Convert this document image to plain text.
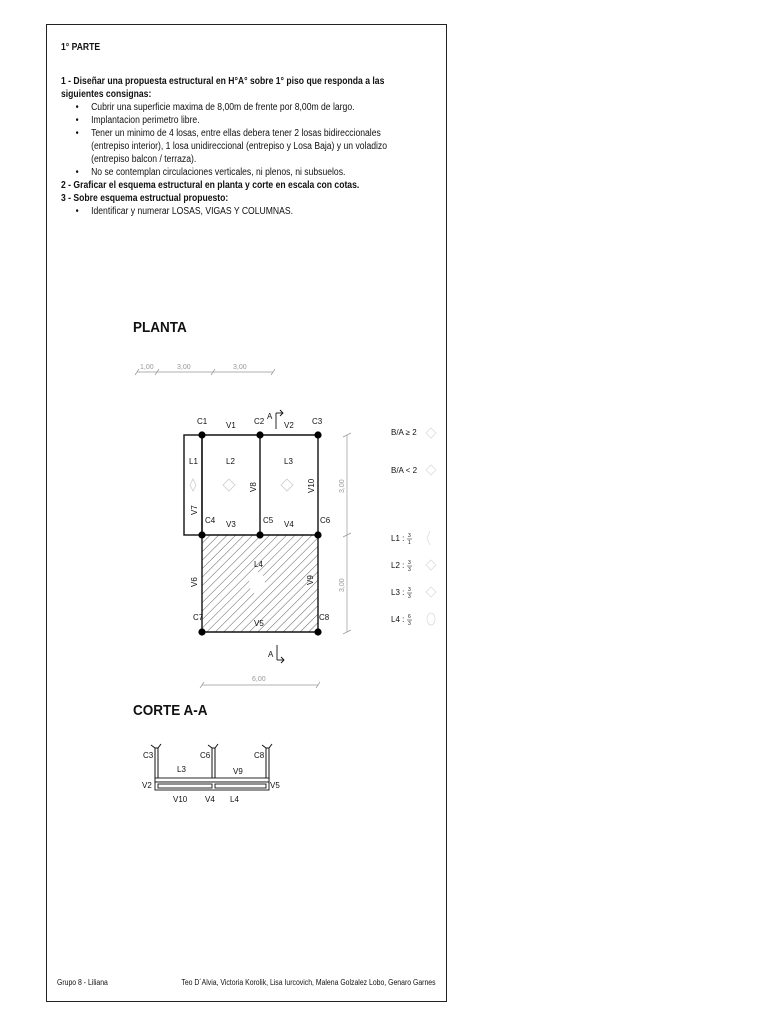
1° PARTE

1 - Diseñar una propuesta estructural en H°A° sobre 1° piso que responda a las siguientes consignas:

• Cubrir una superficie maxima de 8,00m de frente por 8,00m de largo.
• Implantacion perimetro libre.
• Tener un minimo de 4 losas, entre ellas debera tener 2 losas bidireccionales (entrepiso interior), 1 losa unidireccional (entrepiso y Losa Baja) y un voladizo (entrepiso balcon / terraza).
• No se contemplan circulaciones verticales, ni plenos, ni subsuelos.

2 - Graficar el esquema estructural en planta y corte en escala con cotas.

3 - Sobre esquema estructual propuesto:

• Identificar y numerar LOSAS, VIGAS Y COLUMNAS.
PLANTA
1,00	3,00	3,00
C1	C2	C3
C4	C5	C6
C7	C8
V1	V2
V3	V4
V5
V6
V7
V8
V9
V10
L1	L2	L3
L4
A
A
3,00
3,00
6,00
B/A ≥ 2
B/A < 2
L1 : 3
1
L2 : 3
3
L3 : 3
3
L4 : 6
3
CORTE A-A
C3	C6	C8
L3	V9
V2	V5
V10 V4 L4
Grupo 8 - Liliana	Teo D´Alvia, Victoria Korolik, Lisa Iurcovich, Malena Golzalez Lobo, Genaro Garnes
